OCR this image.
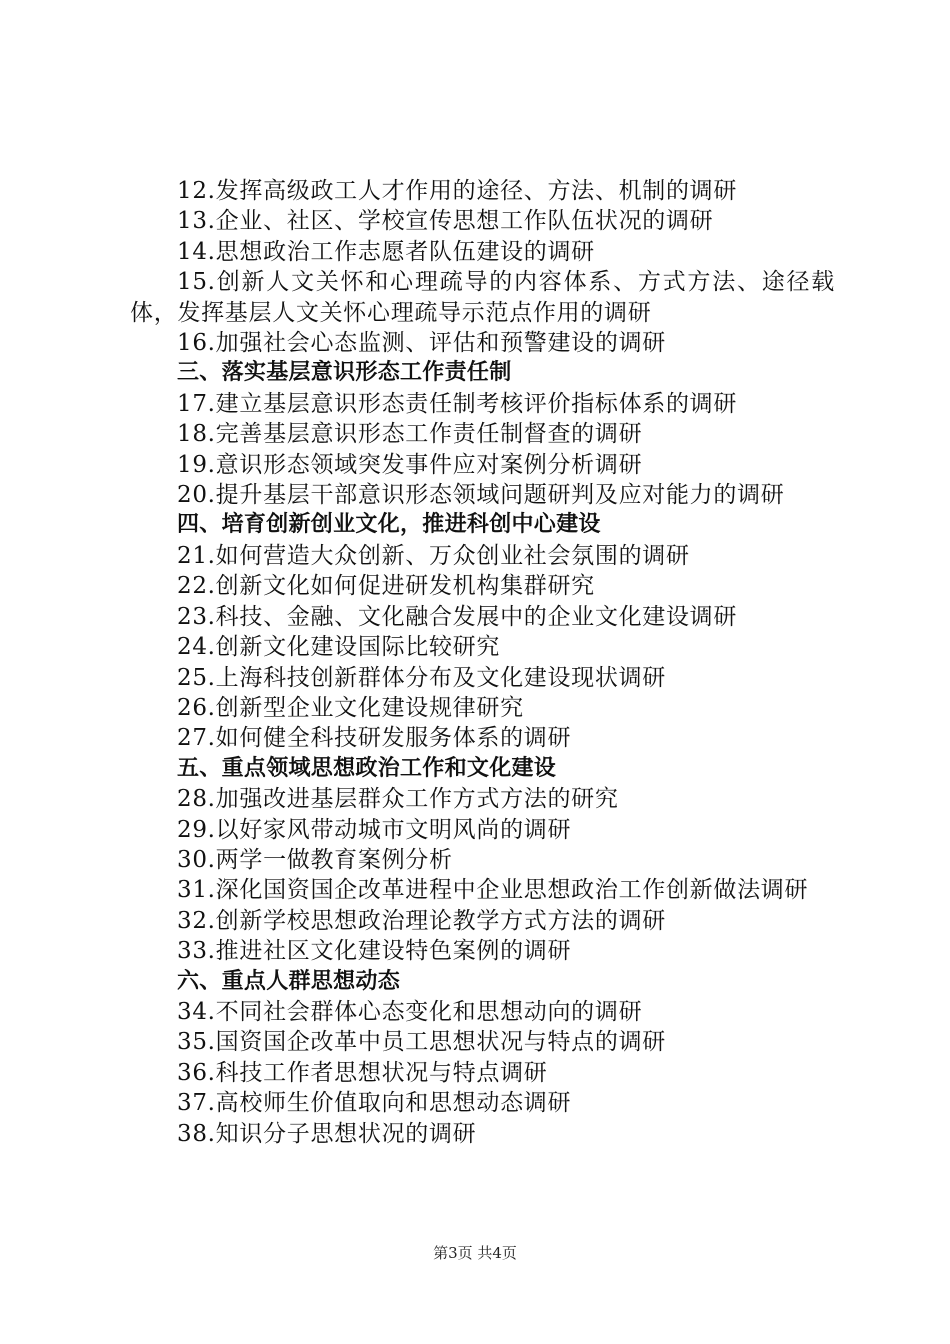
12.发挥高级政工人才作用的途径、方法、机制的调研

13.企业、社区、学校宣传思想工作队伍状况的调研

14.思想政治工作志愿者队伍建设的调研

15.创新人文关怀和心理疏导的内容体系、方式方法、途径载体，发挥基层人文关怀心理疏导示范点作用的调研

16.加强社会心态监测、评估和预警建设的调研

三、落实基层意识形态工作责任制

17.建立基层意识形态责任制考核评价指标体系的调研

18.完善基层意识形态工作责任制督查的调研

19.意识形态领域突发事件应对案例分析调研

20.提升基层干部意识形态领域问题研判及应对能力的调研

四、培育创新创业文化，推进科创中心建设

21.如何营造大众创新、万众创业社会氛围的调研

22.创新文化如何促进研发机构集群研究

23.科技、金融、文化融合发展中的企业文化建设调研

24.创新文化建设国际比较研究

25.上海科技创新群体分布及文化建设现状调研

26.创新型企业文化建设规律研究

27.如何健全科技研发服务体系的调研

五、重点领域思想政治工作和文化建设

28.加强改进基层群众工作方式方法的研究

29.以好家风带动城市文明风尚的调研

30.两学一做教育案例分析

31.深化国资国企改革进程中企业思想政治工作创新做法调研

32.创新学校思想政治理论教学方式方法的调研

33.推进社区文化建设特色案例的调研

六、重点人群思想动态

34.不同社会群体心态变化和思想动向的调研

35.国资国企改革中员工思想状况与特点的调研

36.科技工作者思想状况与特点调研

37.高校师生价值取向和思想动态调研

38.知识分子思想状况的调研

第3页 共4页
